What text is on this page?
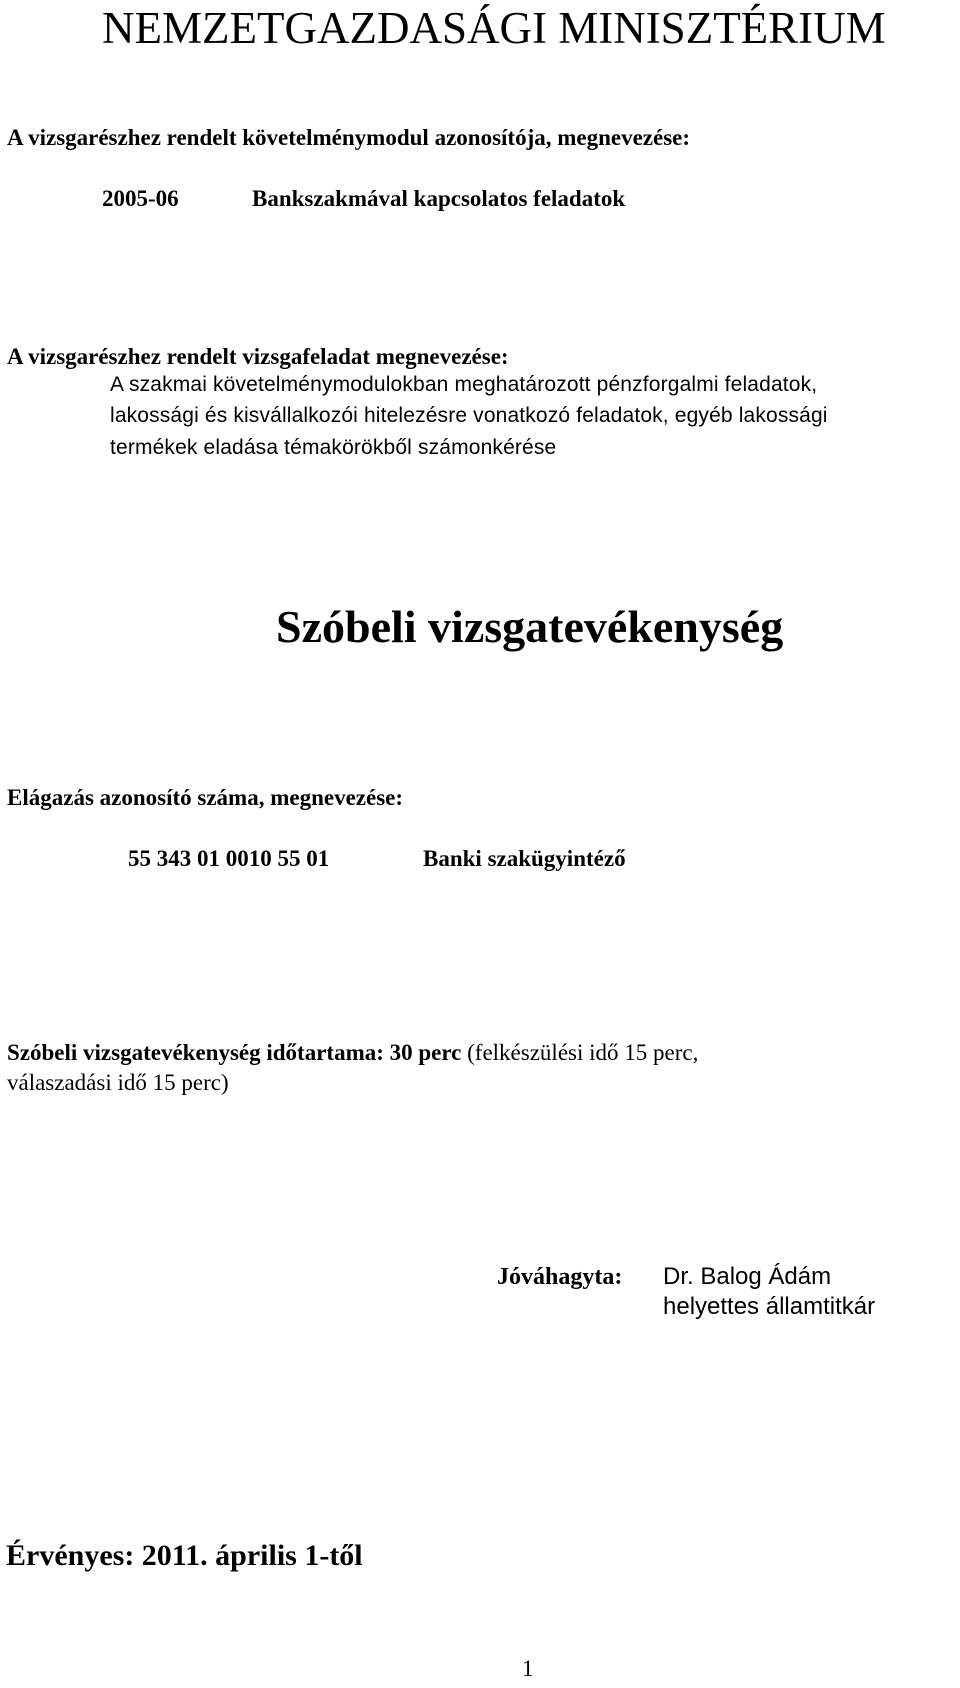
NEMZETGAZDASÁGI MINISZTÉRIUM
A vizsgarészhez rendelt követelménymodul azonosítója, megnevezése:
2005-06	Bankszakmával kapcsolatos feladatok
A vizsgarészhez rendelt vizsgafeladat megnevezése:
A szakmai követelménymodulokban meghatározott pénzforgalmi feladatok,
lakossági és kisvállalkozói hitelezésre vonatkozó feladatok, egyéb lakossági
termékek eladása témakörökből számonkérése
Szóbeli vizsgatevékenység
Elágazás azonosító száma, megnevezése:
55 343 01 0010 55 01	Banki szakügyintéző
Szóbeli vizsgatevékenység időtartama: 30 perc (felkészülési idő 15 perc,
válaszadási idő 15 perc)
Jóváhagyta: Dr. Balog Ádám
helyettes államtitkár
Érvényes: 2011. április 1-től
1
